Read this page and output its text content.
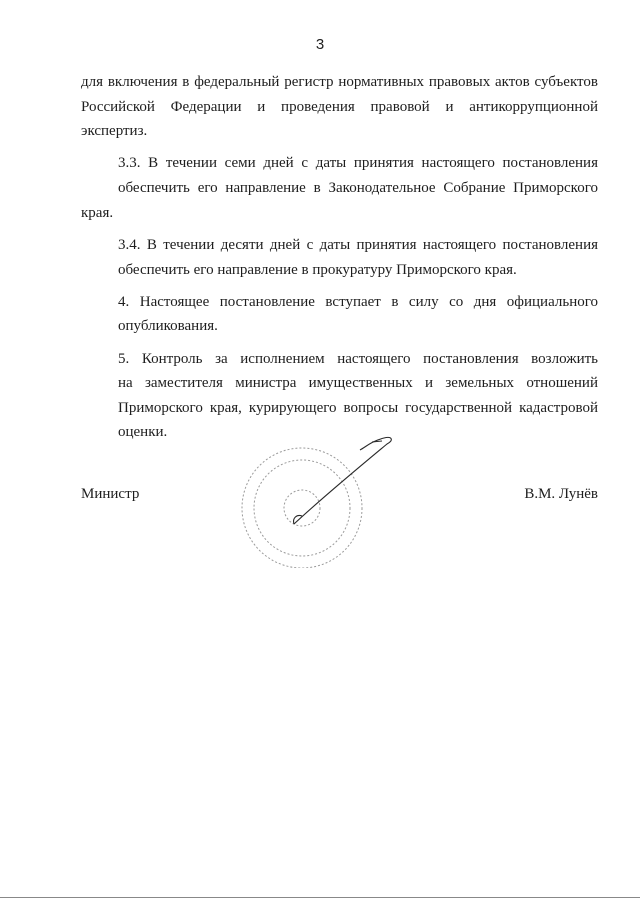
3

для включения в федеральный регистр нормативных правовых актов субъектов
Российской Федерации и проведения правовой и антикоррупционной
экспертиз.

3.3. В течении семи дней с даты принятия настоящего постановления
обеспечить его направление в Законодательное Собрание Приморского края.

3.4. В течении десяти дней с даты принятия настоящего постановления
обеспечить его направление в прокуратуру Приморского края.

4. Настоящее постановление вступает в силу со дня официального
опубликования.

5. Контроль за исполнением настоящего постановления возложить
на заместителя министра имущественных и земельных отношений
Приморского края, курирующего вопросы государственной кадастровой
оценки.

Министр	В.М. Лунёв
